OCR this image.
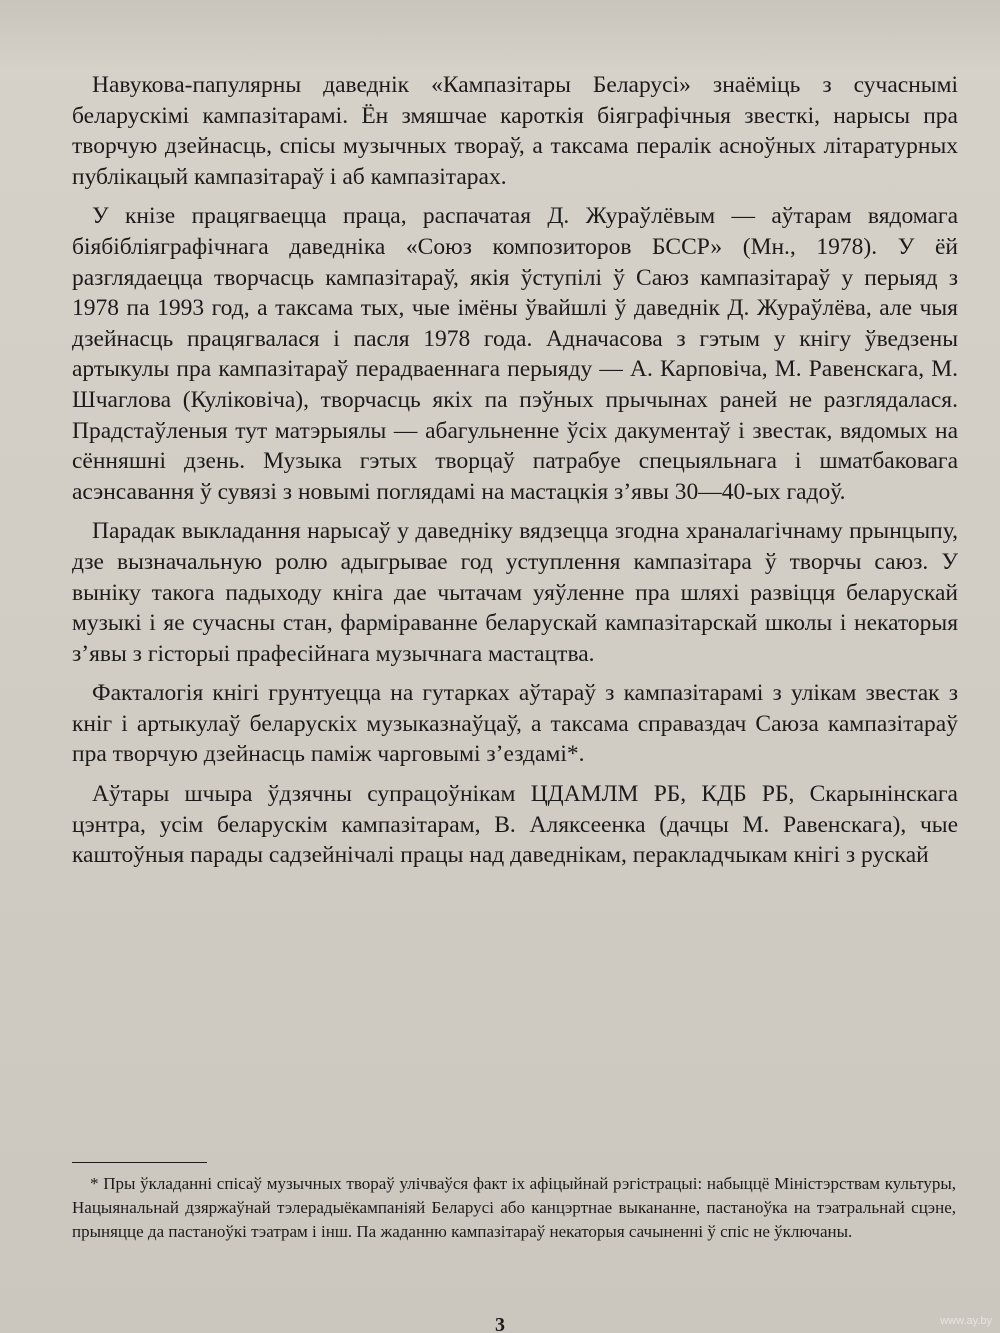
Навукова-папулярны даведнік «Кампазітары Беларусі» знаёміць з сучаснымі беларускімі кампазітарамі. Ён змяшчае кароткія біяграфічныя звесткі, нарысы пра творчую дзейнасць, спісы музычных твораў, а таксама пералік асноўных літаратурных публікацый кампазітараў і аб кампазітарах.

У кнізе працягваецца праца, распачатая Д. Жураўлёвым — аўтарам вядомага біябібліяграфічнага даведніка «Союз композиторов БССР» (Мн., 1978). У ёй разглядаецца творчасць кампазітараў, якія ўступілі ў Саюз кампазітараў у перыяд з 1978 па 1993 год, а таксама тых, чые імёны ўвайшлі ў даведнік Д. Жураўлёва, але чыя дзейнасць працягвалася і пасля 1978 года. Адначасова з гэтым у кнігу ўведзены артыкулы пра кампазітараў перадваеннага перыяду — А. Карповіча, М. Равенскага, М. Шчаглова (Куліковіча), творчасць якіх па пэўных прычынах раней не разглядалася. Прадстаўленыя тут матэрыялы — абагульненне ўсіх дакументаў і звестак, вядомых на сённяшні дзень. Музыка гэтых творцаў патрабуе спецыяльнага і шматбаковага асэнсавання ў сувязі з новымі поглядамі на мастацкія з’явы 30—40-ых гадоў.

Парадак выкладання нарысаў у даведніку вядзецца згодна храналагічнаму прынцыпу, дзе вызначальную ролю адыгрывае год уступлення кампазітара ў творчы саюз. У выніку такога падыходу кніга дае чытачам уяўленне пра шляхі развіцця беларускай музыкі і яе сучасны стан, фарміраванне беларускай кампазітарскай школы і некаторыя з’явы з гісторыі прафесійнага музычнага мастацтва.

Фaктaлогія кнігі грунтуецца на гутарках аўтараў з кампазітарамі з улікам звестак з кніг і артыкулаў беларускіх музыказнаўцаў, а таксама справаздач Саюза кампазітараў пра творчую дзейнасць паміж чарговымі з’ездамі*.

Аўтары шчыра ўдзячны супрацоўнікам ЦДАМЛМ РБ, КДБ РБ, Скарынінскага цэнтра, усім беларускім кампазітарам, В. Аляксеенка (дачцы М. Равенскага), чые каштоўныя парады садзейнічалі працы над даведнікам, перакладчыкам кнігі з рускай

* Пры ўкладанні спісаў музычных твораў улічваўся факт іх афіцыйнай рэгістрацыі: набыццё Міністэрствам культуры, Нацыянальнай дзяржаўнай тэлерадыёкампаніяй Беларусі або канцэртнае выкананне, пастаноўка на тэатральнай сцэне, прыняцце да пастаноўкі тэатрам і інш. Па жаданню кампазітараў некаторыя сачыненні ў спіс не ўключаны.

3	www.ay.by
